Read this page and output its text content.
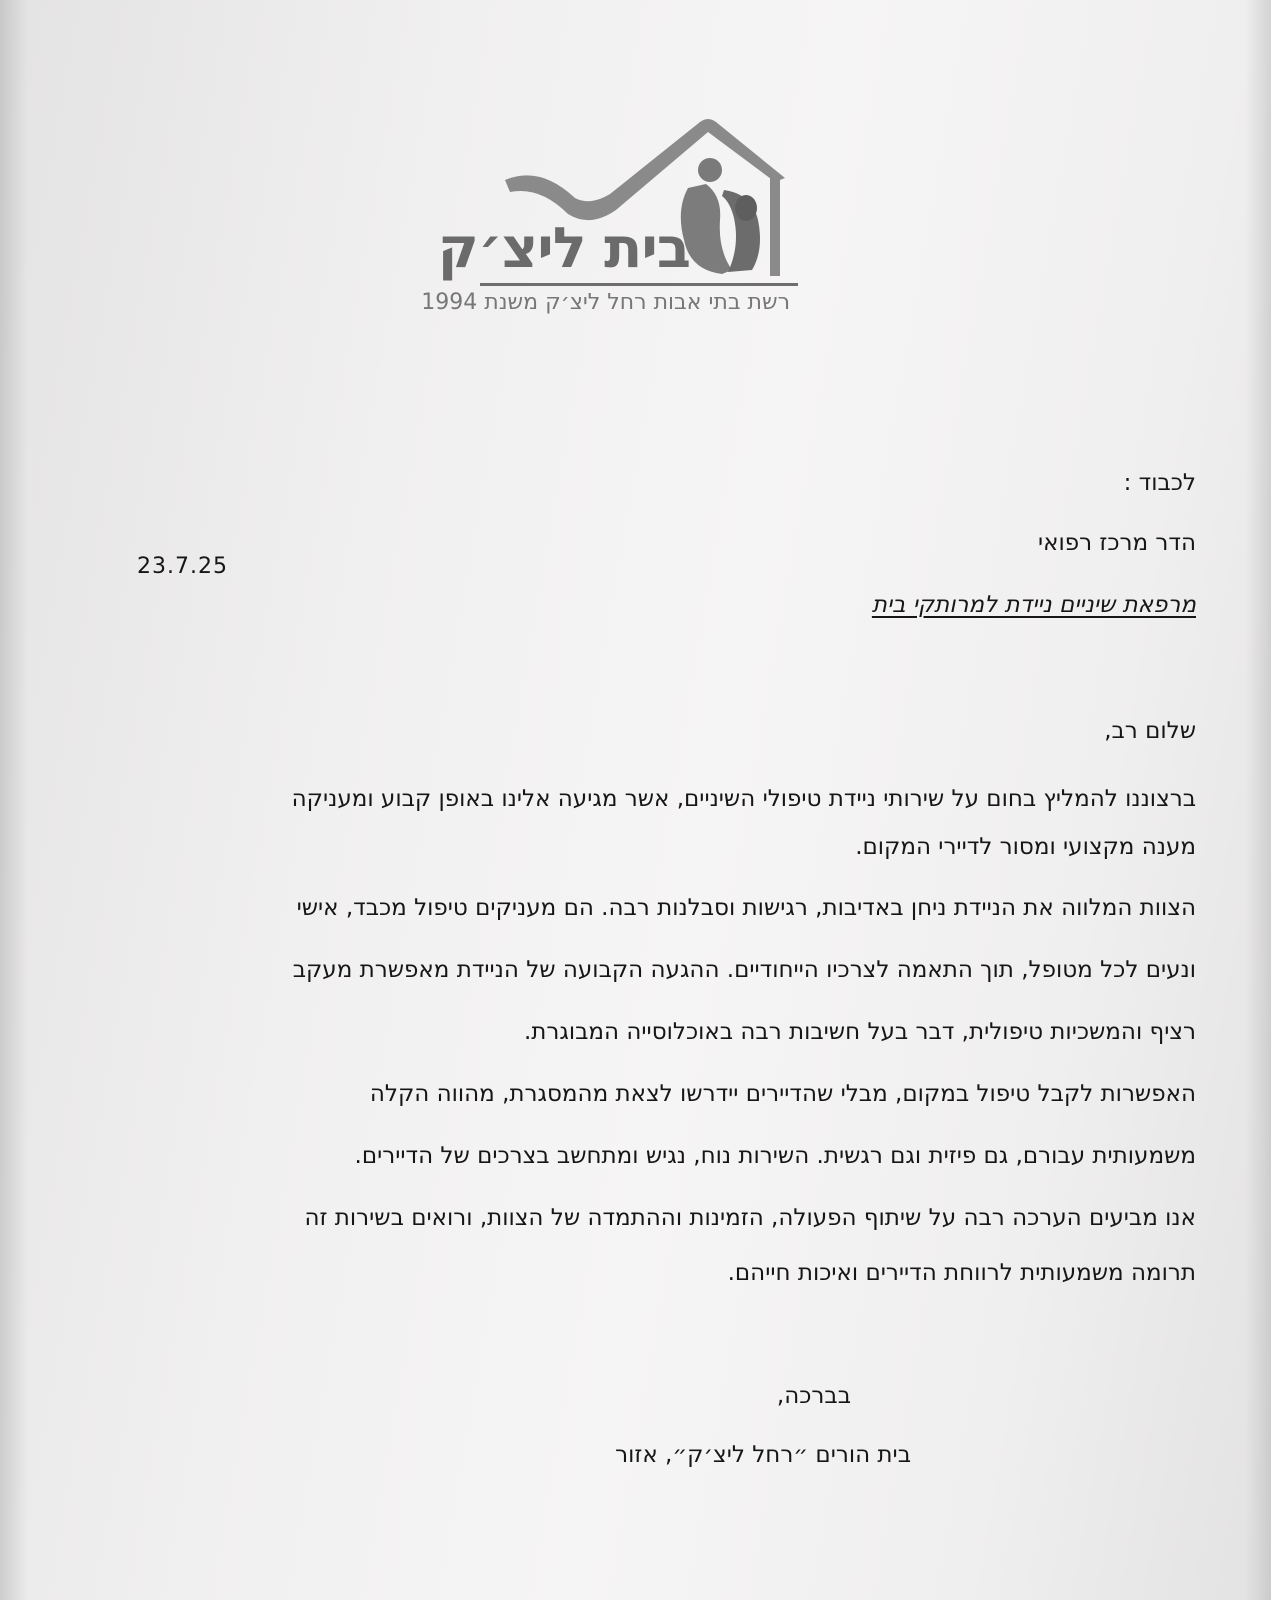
בית ליצ׳ק
רשת בתי אבות רחל ליצ׳ק משנת 1994
לכבוד :
הדר מרכז רפואי
23.7.25
מרפאת שיניים ניידת למרותקי בית
שלום רב,
ברצוננו להמליץ בחום על שירותי ניידת טיפולי השיניים, אשר מגיעה אלינו באופן קבוע ומעניקה
מענה מקצועי ומסור לדיירי המקום.
הצוות המלווה את הניידת ניחן באדיבות, רגישות וסבלנות רבה. הם מעניקים טיפול מכבד, אישי
ונעים לכל מטופל, תוך התאמה לצרכיו הייחודיים. ההגעה הקבועה של הניידת מאפשרת מעקב
רציף והמשכיות טיפולית, דבר בעל חשיבות רבה באוכלוסייה המבוגרת.
האפשרות לקבל טיפול במקום, מבלי שהדיירים יידרשו לצאת מהמסגרת, מהווה הקלה
משמעותית עבורם, גם פיזית וגם רגשית. השירות נוח, נגיש ומתחשב בצרכים של הדיירים.
אנו מביעים הערכה רבה על שיתוף הפעולה, הזמינות וההתמדה של הצוות, ורואים בשירות זה
תרומה משמעותית לרווחת הדיירים ואיכות חייהם.
בברכה,
בית הורים ״רחל ליצ׳ק״, אזור
